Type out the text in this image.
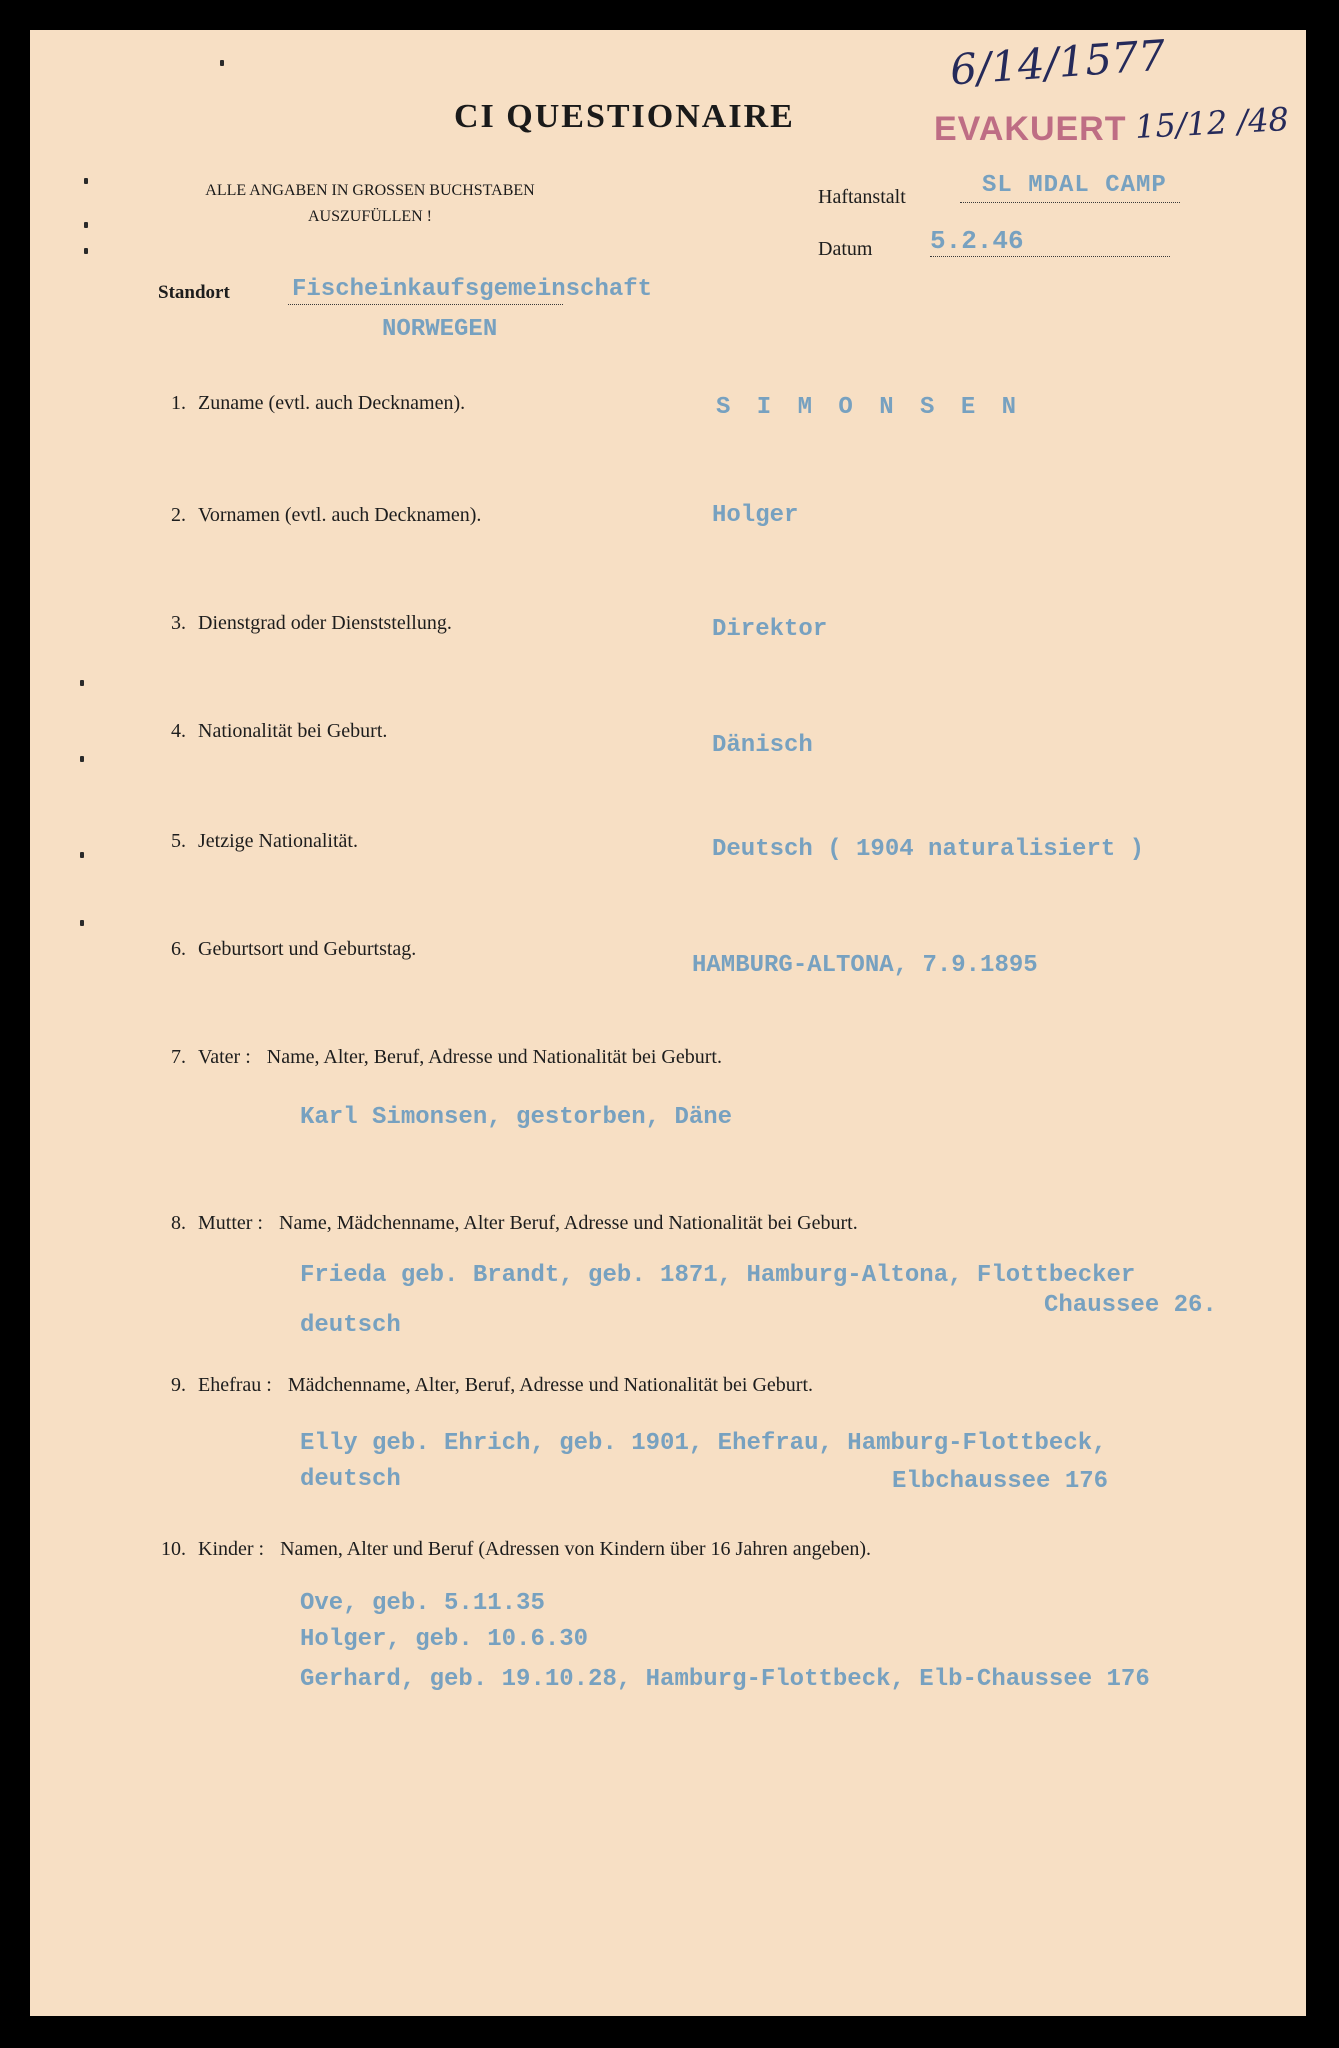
CI QUESTIONAIRE
6/14/1577
EVAKUERT 15/12 /48
ALLE ANGABEN IN GROSSEN BUCHSTABEN
AUSZUFÜLLEN !
Haftanstalt	SL MDAL CAMP
Datum 5.2.46
Standort	Fischeinkaufsgemeinschaft
NORWEGEN
1. Zuname (evtl. auch Decknamen).	S I M O N S E N
2. Vornamen (evtl. auch Decknamen).	Holger
3. Dienstgrad oder Dienststellung.	Direktor
4. Nationalität bei Geburt.
Dänisch
5. Jetzige Nationalität.	Deutsch ( 1904 naturalisiert )
6. Geburtsort und Geburtstag.
HAMBURG-ALTONA, 7.9.1895
7. Vater : Name, Alter, Beruf, Adresse und Nationalität bei Geburt.
Karl Simonsen, gestorben, Däne
8. Mutter : Name, Mädchenname, Alter Beruf, Adresse und Nationalität bei Geburt.
Frieda geb. Brandt, geb. 1871, Hamburg-Altona, Flottbecker
Chaussee 26.
deutsch
9. Ehefrau : Mädchenname, Alter, Beruf, Adresse und Nationalität bei Geburt.
Elly geb. Ehrich, geb. 1901, Ehefrau, Hamburg-Flottbeck,
deutsch	Elbchaussee 176
10. Kinder : Namen, Alter und Beruf (Adressen von Kindern über 16 Jahren angeben).
Ove, geb. 5.11.35
Holger, geb. 10.6.30
Gerhard, geb. 19.10.28, Hamburg-Flottbeck, Elb-Chaussee 176
